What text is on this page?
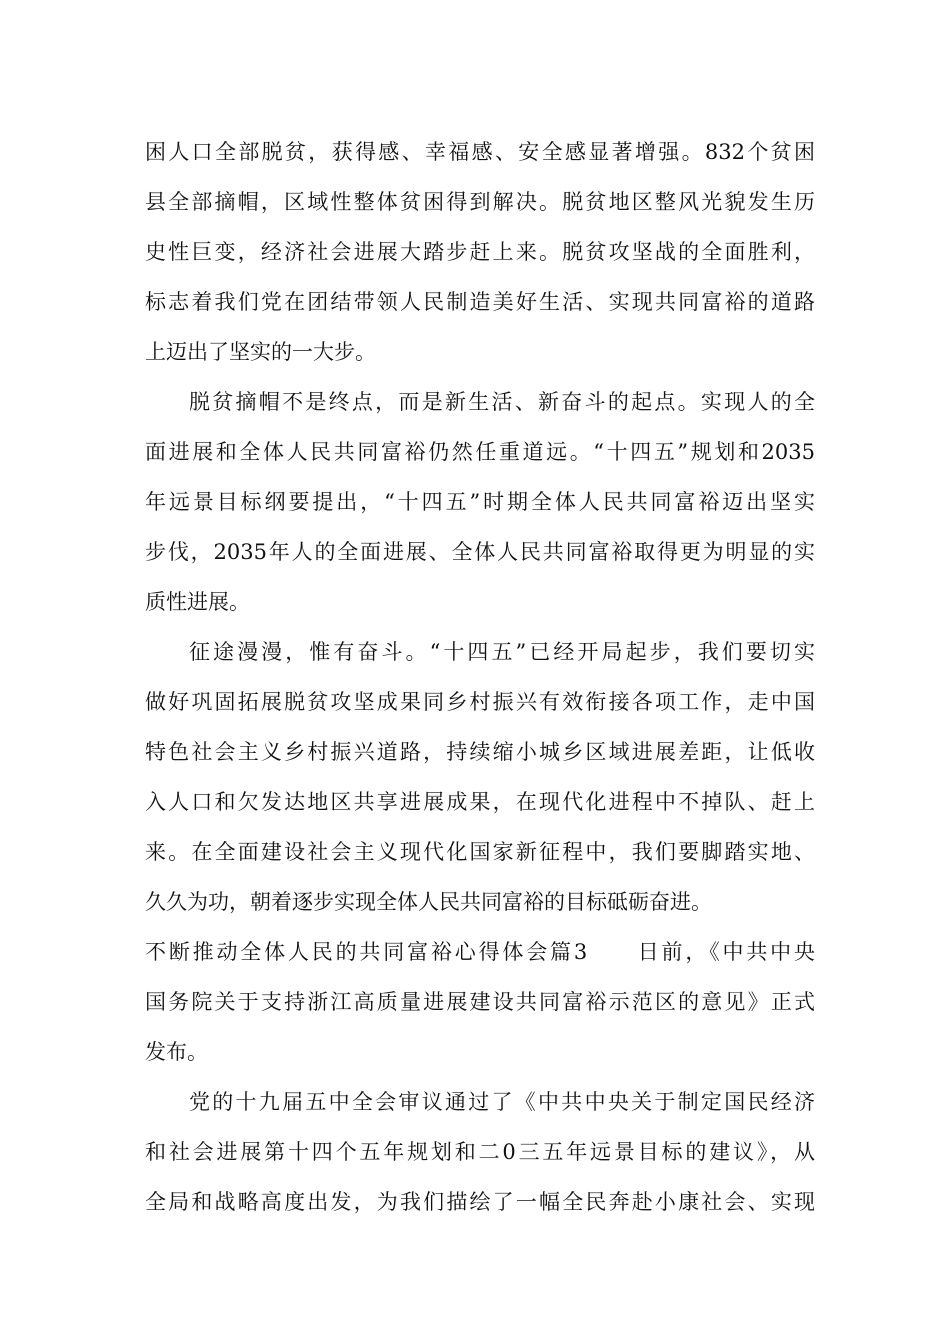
困人口全部脱贫，获得感、幸福感、安全感显著增强。832个贫困
县全部摘帽，区域性整体贫困得到解决。脱贫地区整风光貌发生历
史性巨变，经济社会进展大踏步赶上来。脱贫攻坚战的全面胜利，
标志着我们党在团结带领人民制造美好生活、实现共同富裕的道路
上迈出了坚实的一大步。
脱贫摘帽不是终点，而是新生活、新奋斗的起点。实现人的全
面进展和全体人民共同富裕仍然任重道远。“十四五”规划和2035
年远景目标纲要提出，“十四五”时期全体人民共同富裕迈出坚实
步伐，2035年人的全面进展、全体人民共同富裕取得更为明显的实
质性进展。
征途漫漫，惟有奋斗。“十四五”已经开局起步，我们要切实
做好巩固拓展脱贫攻坚成果同乡村振兴有效衔接各项工作，走中国
特色社会主义乡村振兴道路，持续缩小城乡区域进展差距，让低收
入人口和欠发达地区共享进展成果，在现代化进程中不掉队、赶上
来。在全面建设社会主义现代化国家新征程中，我们要脚踏实地、
久久为功，朝着逐步实现全体人民共同富裕的目标砥砺奋进。
不断推动全体人民的共同富裕心得体会篇3　　日前，《中共中央
国务院关于支持浙江高质量进展建设共同富裕示范区的意见》正式
发布。
党的十九届五中全会审议通过了《中共中央关于制定国民经济
和社会进展第十四个五年规划和二0三五年远景目标的建议》，从
全局和战略高度出发，为我们描绘了一幅全民奔赴小康社会、实现
